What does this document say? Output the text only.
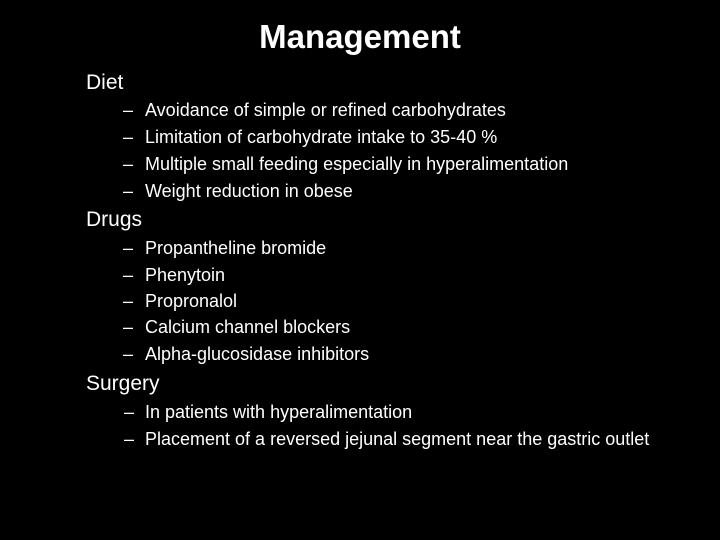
Management
Diet
– Avoidance of simple or refined carbohydrates
– Limitation of carbohydrate intake to 35-40 %
– Multiple small feeding especially in hyperalimentation
– Weight reduction in obese
Drugs
– Propantheline bromide
– Phenytoin
– Propronalol
– Calcium channel blockers
– Alpha-glucosidase inhibitors
Surgery
– In patients with hyperalimentation
– Placement of a reversed jejunal segment near the gastric outlet
